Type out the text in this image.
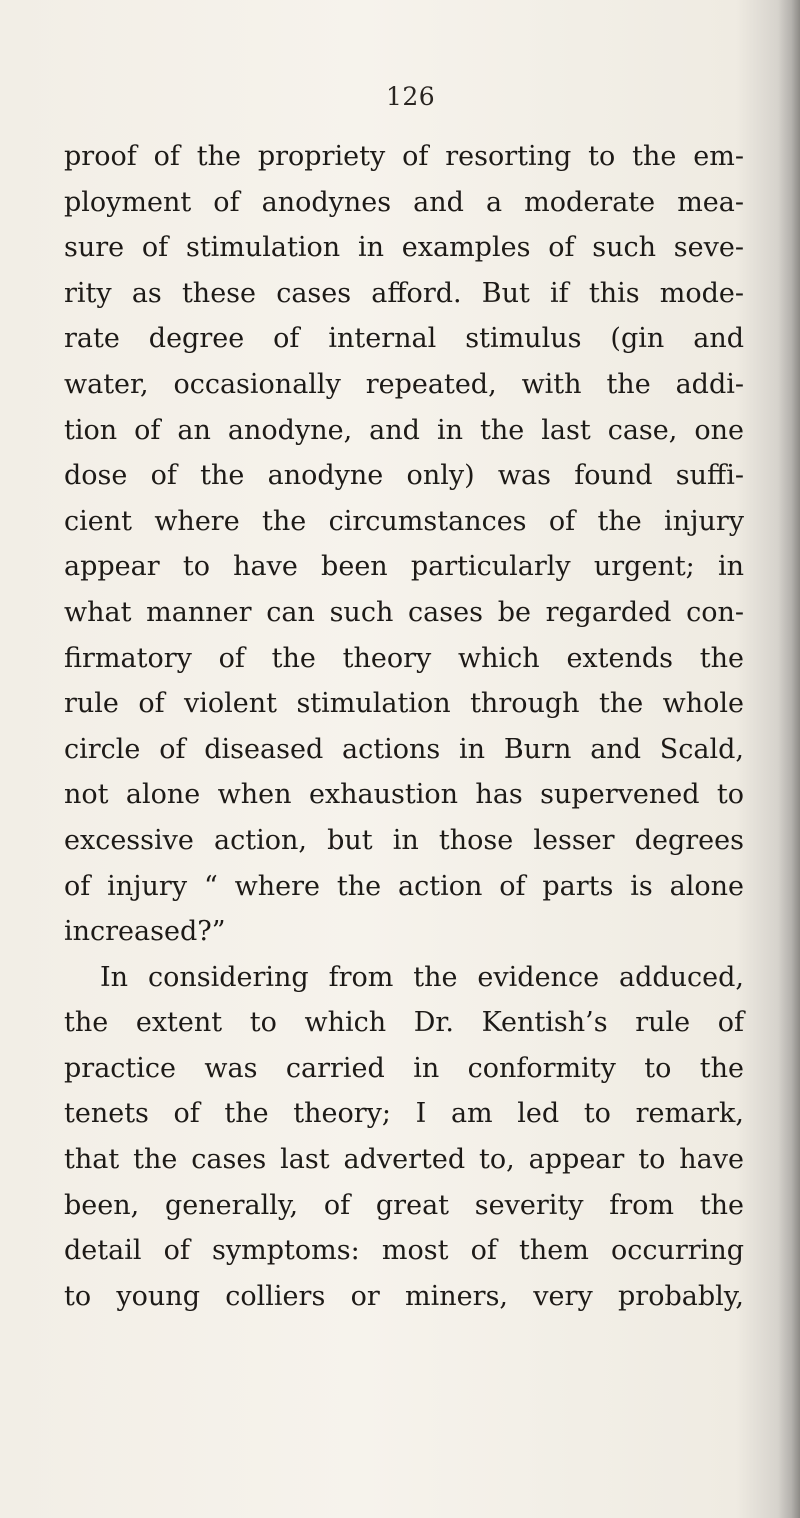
126
proof of the propriety of resorting to the em-
ployment of anodynes and a moderate mea-
sure of stimulation in examples of such seve-
rity as these cases afford. But if this mode-
rate degree of internal stimulus (gin and
water, occasionally repeated, with the addi-
tion of an anodyne, and in the last case, one
dose of the anodyne only) was found suffi-
cient where the circumstances of the injury
appear to have been particularly urgent; in
what manner can such cases be regarded con-
firmatory of the theory which extends the
rule of violent stimulation through the whole
circle of diseased actions in Burn and Scald,
not alone when exhaustion has supervened to
excessive action, but in those lesser degrees
of injury “ where the action of parts is alone
increased?”
In considering from the evidence adduced,
the extent to which Dr. Kentish’s rule of
practice was carried in conformity to the
tenets of the theory; I am led to remark,
that the cases last adverted to, appear to have
been, generally, of great severity from the
detail of symptoms: most of them occurring
to young colliers or miners, very probably,
